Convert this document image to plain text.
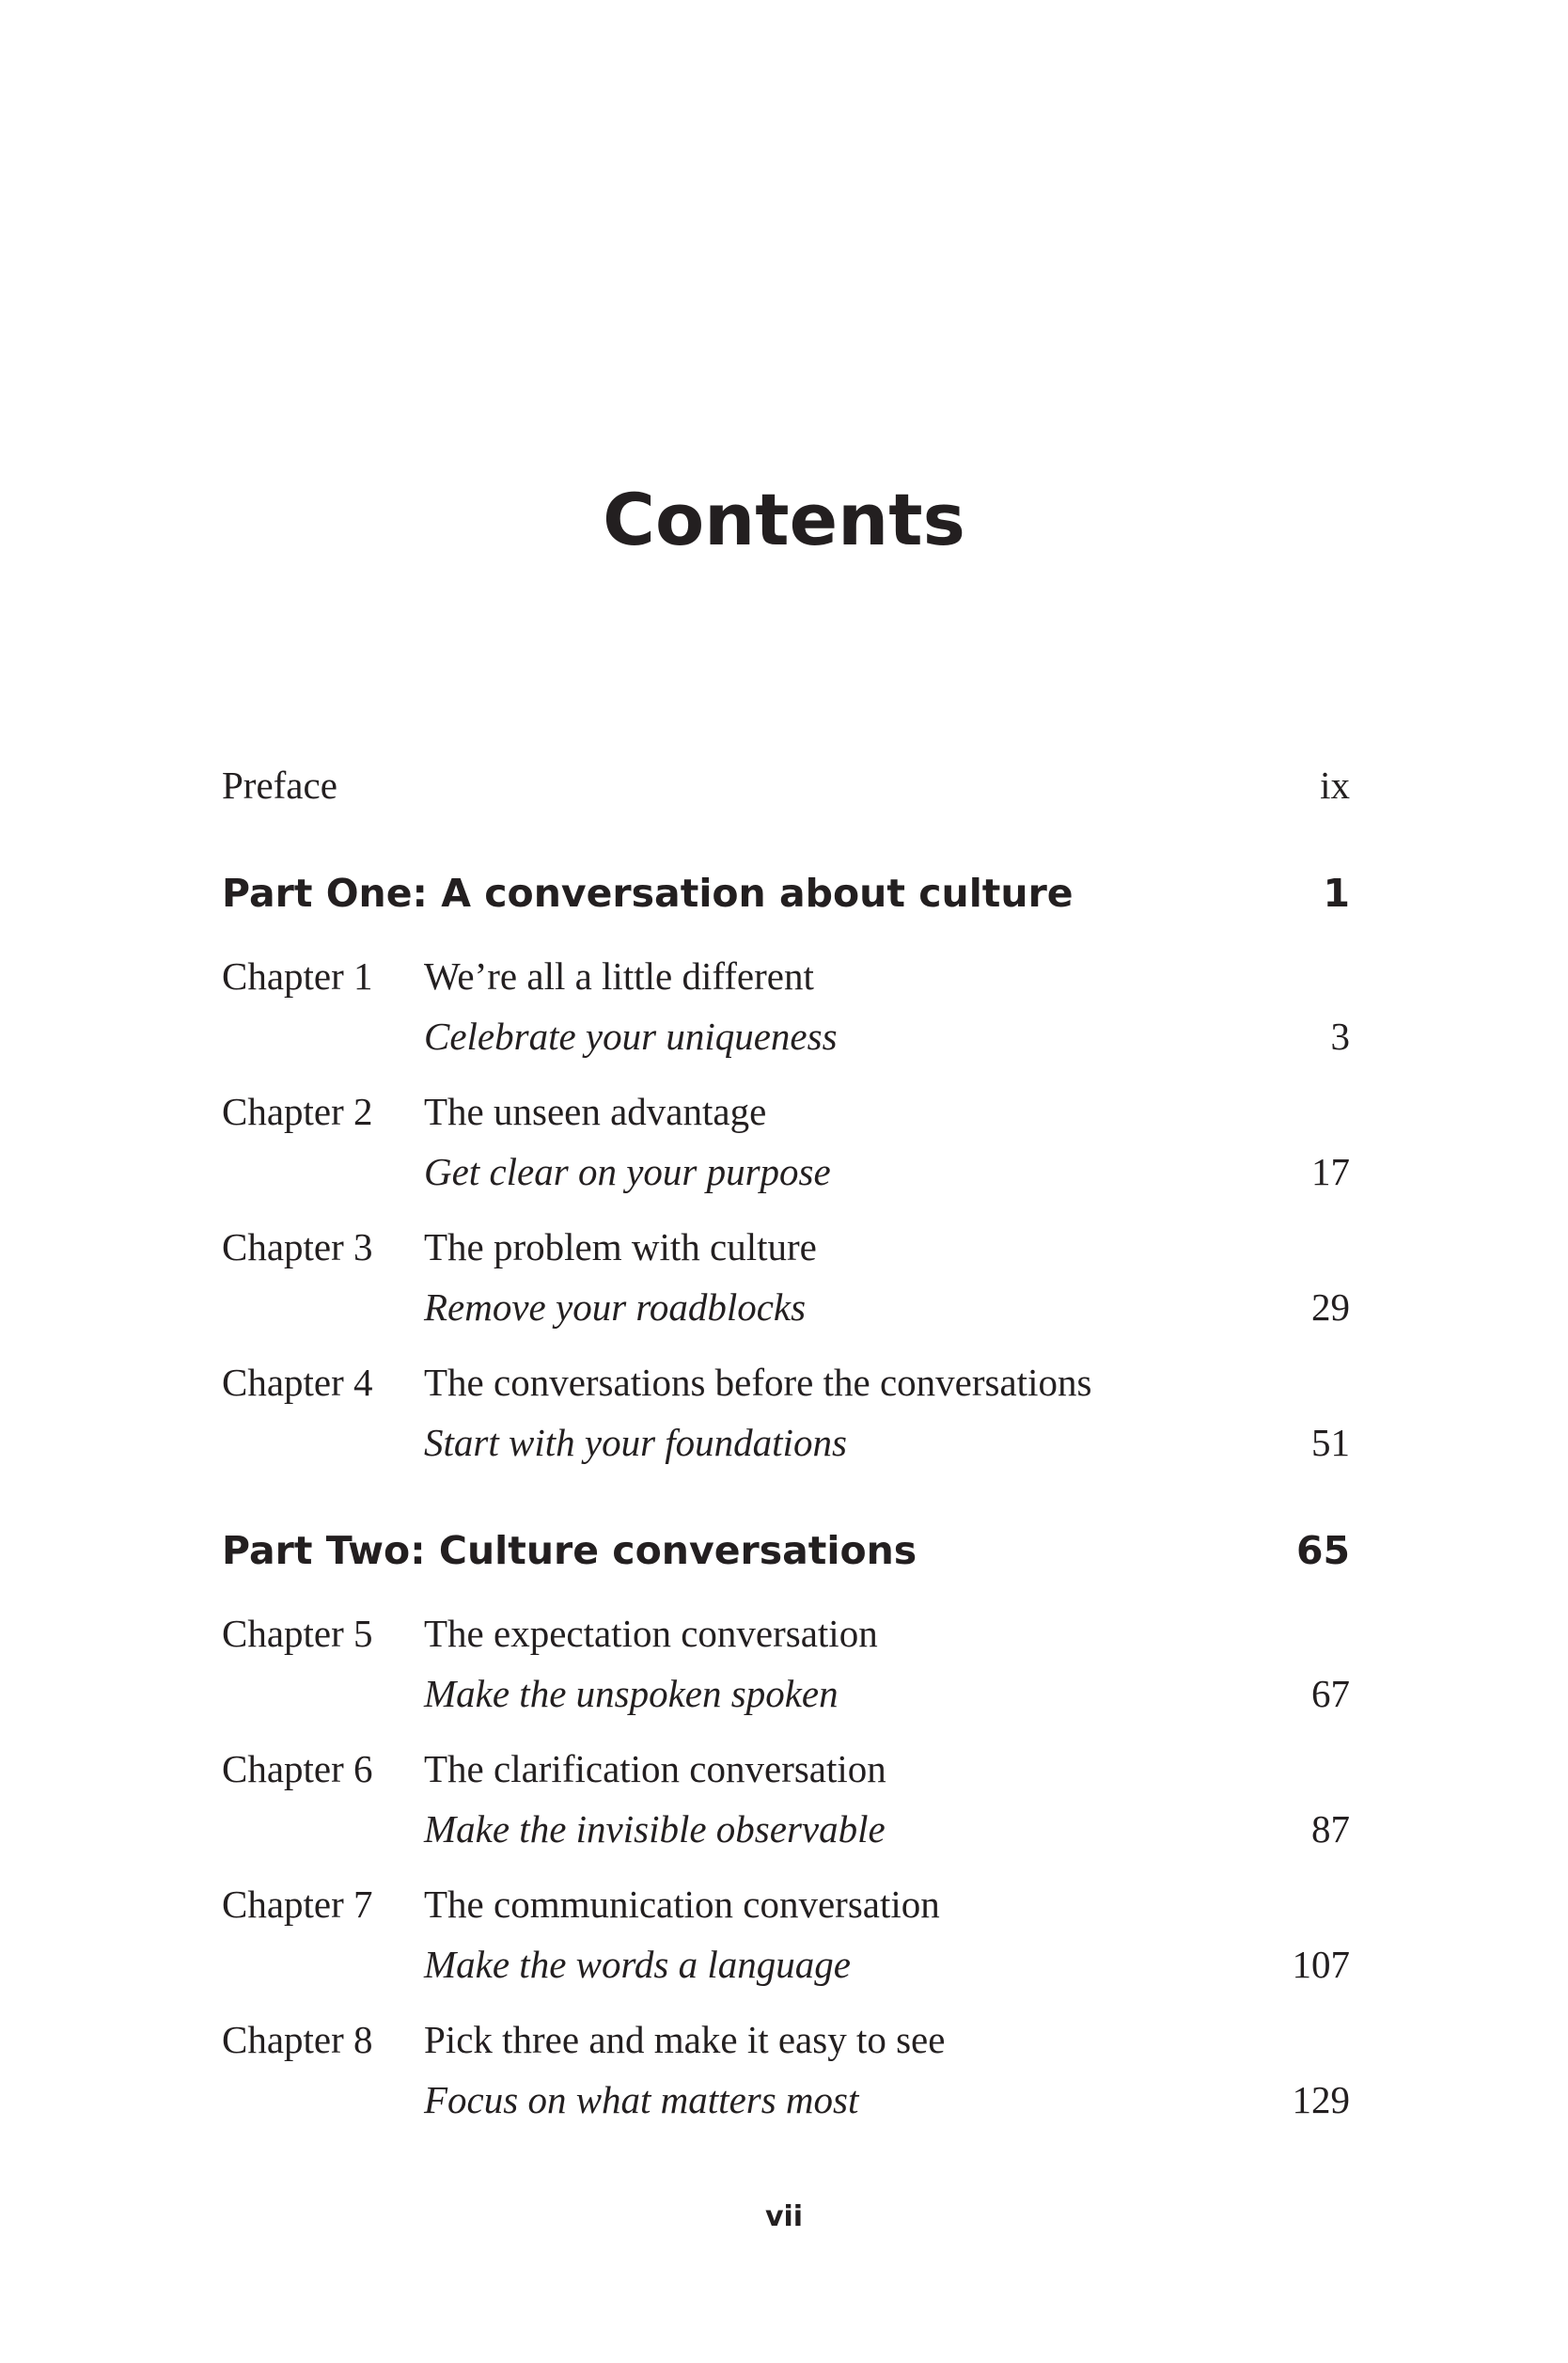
Contents
Preface	ix
Part One: A conversation about culture	1
Chapter 1 We’re all a little different
Celebrate your uniqueness	3
Chapter 2 The unseen advantage
Get clear on your purpose	17
Chapter 3 The problem with culture
Remove your roadblocks	29
Chapter 4 The conversations before the conversations
Start with your foundations	51
Part Two: Culture conversations	65
Chapter 5 The expectation conversation
Make the unspoken spoken	67
Chapter 6 The clarification conversation
Make the invisible observable	87
Chapter 7 The communication conversation
Make the words a language	107
Chapter 8 Pick three and make it easy to see
Focus on what matters most	129
vii
